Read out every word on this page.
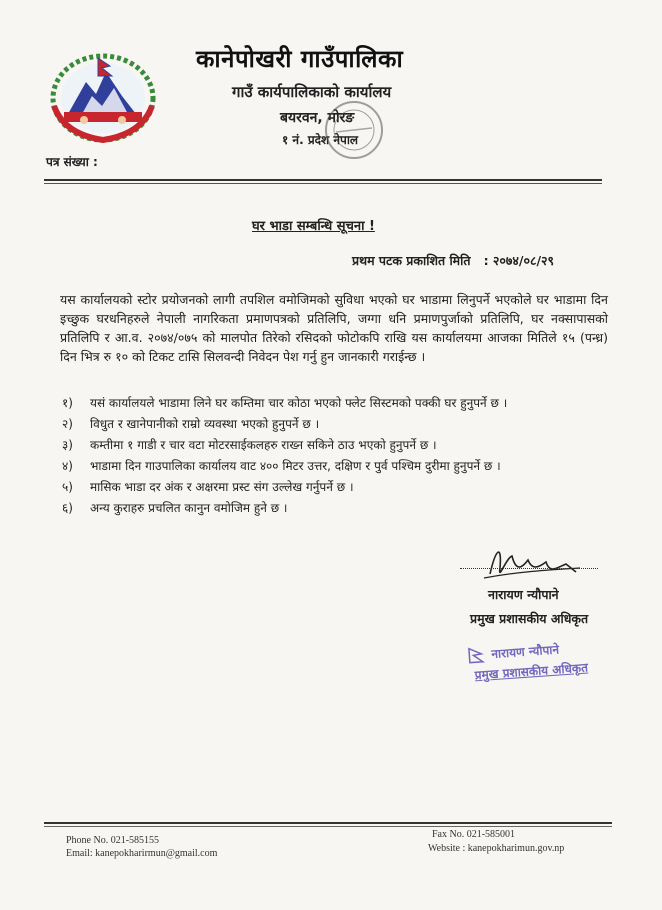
कानेपोखरी गाउँपालिका
गाउँ कार्यपालिकाको कार्यालय
बयरवन, मोरङ
१ नं. प्रदेश नेपाल
पत्र संख्या :
घर भाडा सम्बन्धि सूचना !
प्रथम पटक प्रकाशित मिति   : २०७४/०८/२९
यस कार्यालयको स्टोर प्रयोजनको लागी तपशिल वमोजिमको सुविधा भएको घर भाडामा लिनुपर्ने भएकोले घर भाडामा दिन इच्छुक घरधनिहरुले नेपाली नागरिकता प्रमाणपत्रको प्रतिलिपि, जग्गा धनि प्रमाणपुर्जाको प्रतिलिपि, घर नक्सापासको प्रतिलिपि र आ.व. २०७४/०७५ को मालपोत तिरेको रसिदको फोटोकपि राखि यस कार्यालयमा आजका मितिले १५ (पन्ध्र) दिन भित्र रु १० को टिकट टासि सिलवन्दी निवेदन पेश गर्नु हुन जानकारी गराईन्छ ।
१)	यसं कार्यालयले भाडामा लिने घर कम्तिमा चार कोठा भएको फ्लेट सिस्टमको पक्की घर हुनुपर्ने छ ।
२)	विधुत र खानेपानीको राम्रो व्यवस्था भएको हुनुपर्ने छ ।
३)	कम्तीमा १ गाडी र चार वटा मोटरसाईकलहरु राख्न सकिने ठाउ भएको हुनुपर्ने छ ।
४)	भाडामा दिन गाउपालिका कार्यालय वाट ४०० मिटर उत्तर, दक्षिण र पुर्व पश्चिम दुरीमा हुनुपर्ने छ ।
५)	मासिक भाडा दर अंक र अक्षरमा प्रस्ट संग उल्लेख गर्नुपर्ने छ ।
६)	अन्य कुराहरु प्रचलित कानुन वमोजिम हुने छ ।
नारायण न्यौपाने
प्रमुख प्रशासकीय अधिकृत
नारायण न्यौपाने
प्रमुख प्रशासकीय अधिकृत
Phone No. 021-585155
Email: kanepokharirmun@gmail.com
Fax No. 021-585001
Website : kanepokharimun.gov.np
